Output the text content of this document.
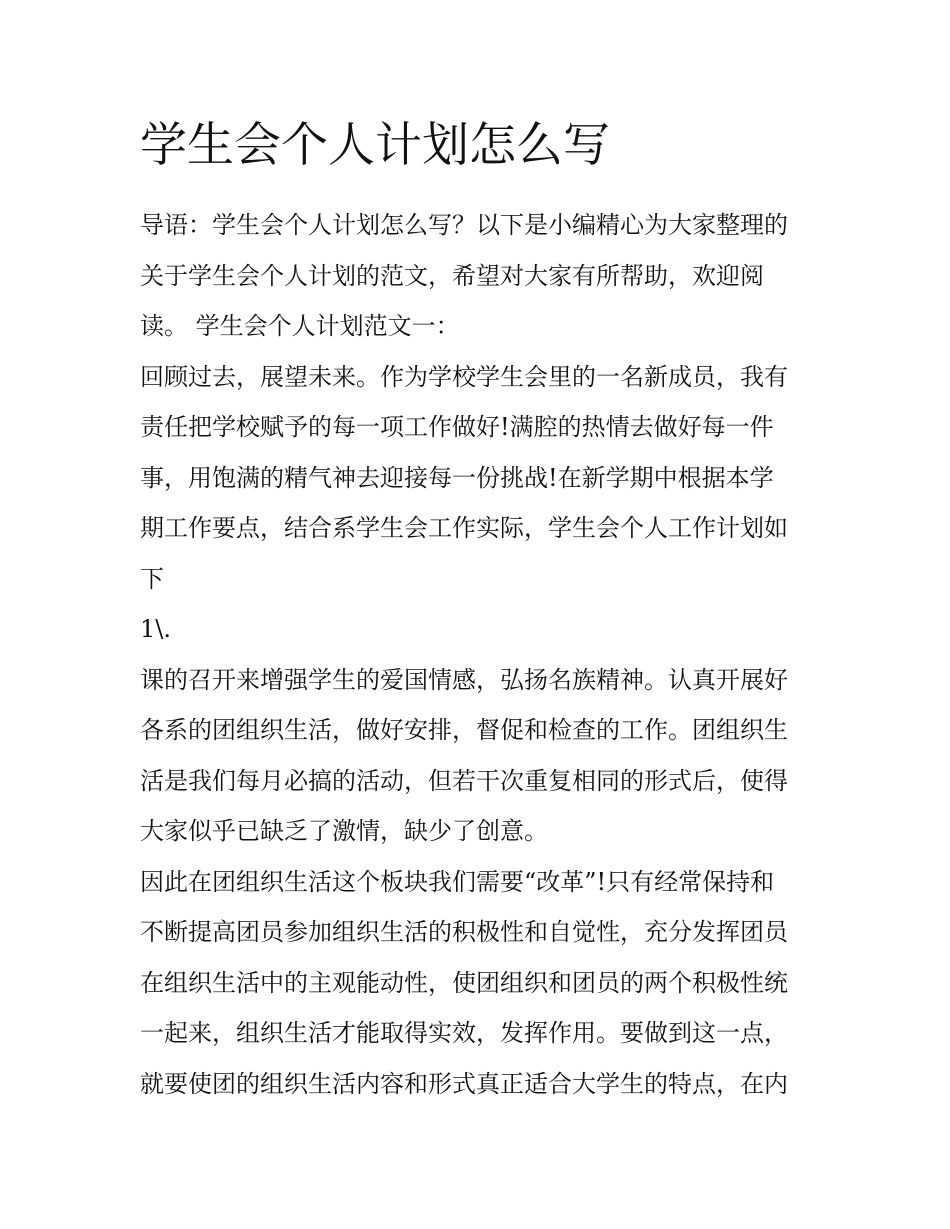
学生会个人计划怎么写

导语：学生会个人计划怎么写？以下是小编精心为大家整理的

关于学生会个人计划的范文，希望对大家有所帮助，欢迎阅

读。 学生会个人计划范文一：

回顾过去，展望未来。作为学校学生会里的一名新成员，我有

责任把学校赋予的每一项工作做好!满腔的热情去做好每一件

事，用饱满的精气神去迎接每一份挑战!在新学期中根据本学

期工作要点，结合系学生会工作实际，学生会个人工作计划如

下

1\.

课的召开来增强学生的爱国情感，弘扬名族精神。认真开展好

各系的团组织生活，做好安排，督促和检查的工作。团组织生

活是我们每月必搞的活动，但若干次重复相同的形式后，使得

大家似乎已缺乏了激情，缺少了创意。

因此在团组织生活这个板块我们需要“改革”!只有经常保持和

不断提高团员参加组织生活的积极性和自觉性，充分发挥团员

在组织生活中的主观能动性，使团组织和团员的两个积极性统

一起来，组织生活才能取得实效，发挥作用。要做到这一点，

就要使团的组织生活内容和形式真正适合大学生的特点，在内
